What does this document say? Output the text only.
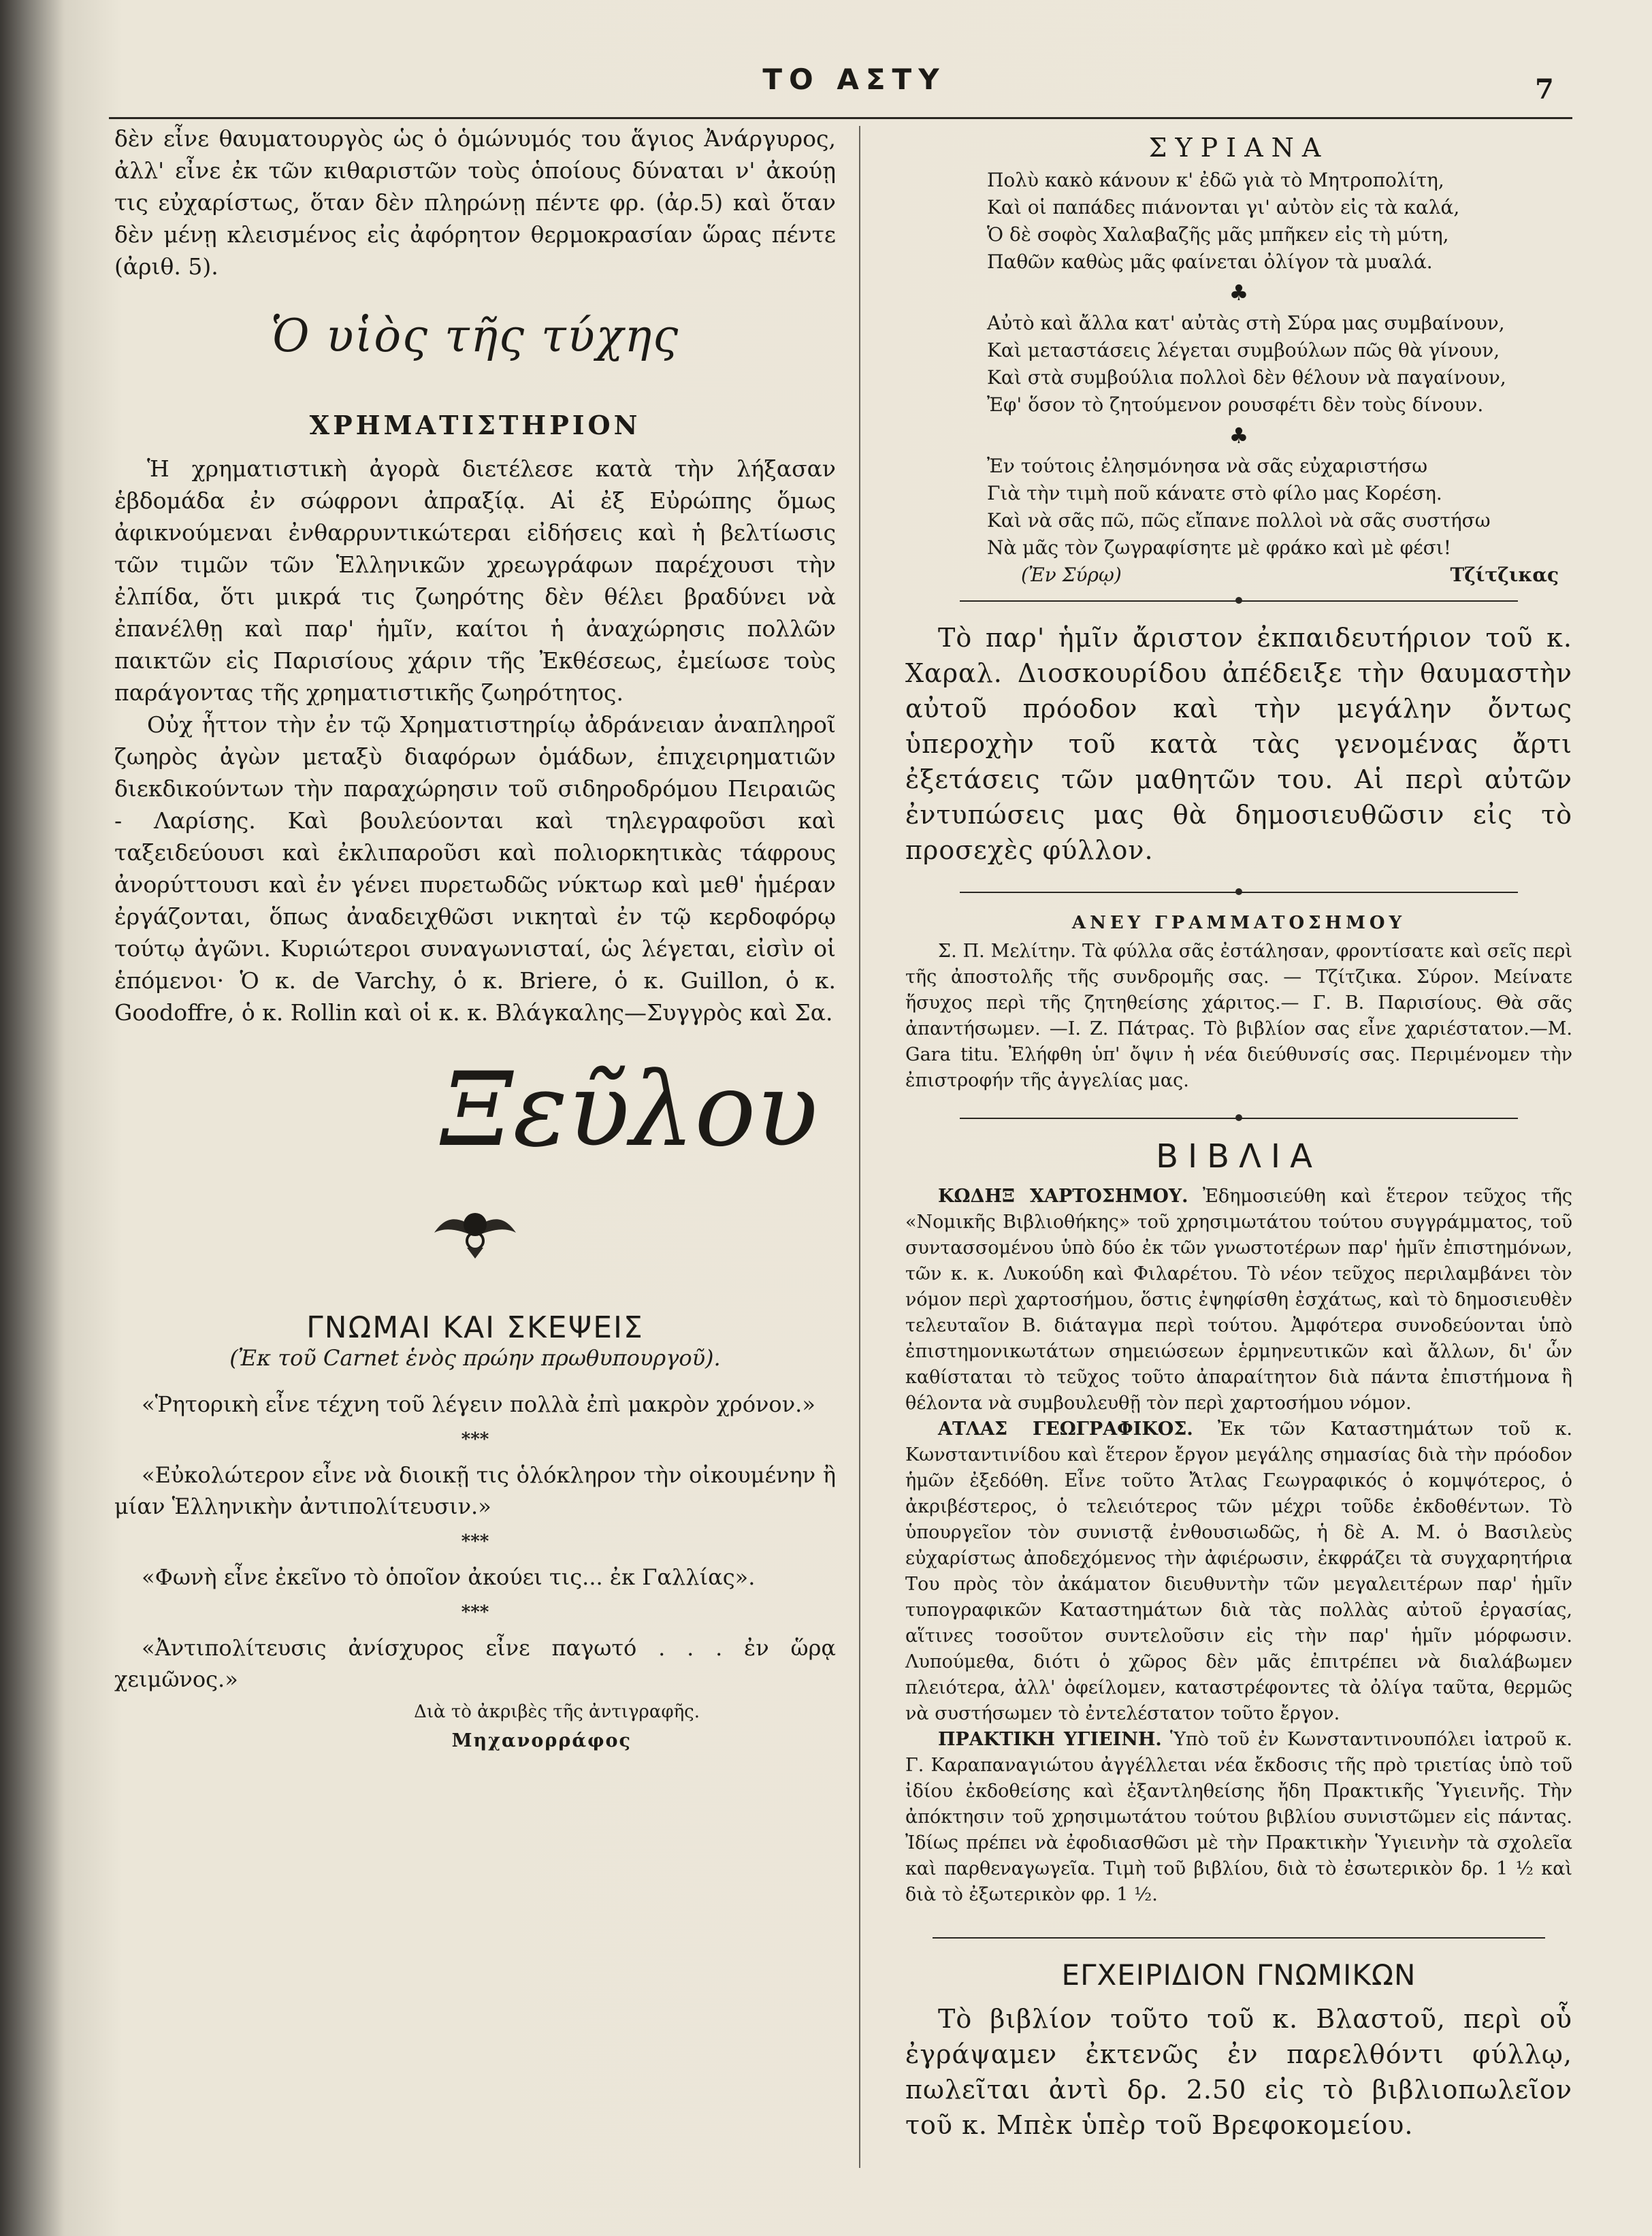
ΤΟ ΑΣΤΥ	7

δὲν εἶνε θαυματουργὸς ὡς ὁ ὁμώνυμός του ἅγιος Ἀνάργυρος, ἀλλ' εἶνε ἐκ τῶν κιθαριστῶν τοὺς ὁποίους δύναται ν' ἀκούῃ τις εὐχαρίστως, ὅταν δὲν πληρώνῃ πέντε φρ. (ἀρ.5) καὶ ὅταν δὲν μένῃ κλεισμένος εἰς ἀφόρητον θερμοκρασίαν ὥρας πέντε (ἀριθ. 5).

Ὁ υἱὸς τῆς τύχης

ΧΡΗΜΑΤΙΣΤΗΡΙΟΝ

Ἡ χρηματιστικὴ ἀγορὰ διετέλεσε κατὰ τὴν λήξασαν ἑβδομάδα ἐν σώφρονι ἀπραξίᾳ. Αἱ ἐξ Εὐρώπης ὅμως ἀφικνούμεναι ἐνθαρρυντικώτεραι εἰδήσεις καὶ ἡ βελτίωσις τῶν τιμῶν τῶν Ἑλληνικῶν χρεωγράφων παρέχουσι τὴν ἐλπίδα, ὅτι μικρά τις ζωηρότης δὲν θέλει βραδύνει νὰ ἐπανέλθῃ καὶ παρ' ἡμῖν, καίτοι ἡ ἀναχώρησις πολλῶν παικτῶν εἰς Παρισίους χάριν τῆς Ἐκθέσεως, ἐμείωσε τοὺς παράγοντας τῆς χρηματιστικῆς ζωηρότητος.

Οὐχ ἧττον τὴν ἐν τῷ Χρηματιστηρίῳ ἀδράνειαν ἀναπληροῖ ζωηρὸς ἀγὼν μεταξὺ διαφόρων ὁμάδων, ἐπιχειρηματιῶν διεκδικούντων τὴν παραχώρησιν τοῦ σιδηροδρόμου Πειραιῶς - Λαρίσης. Καὶ βουλεύονται καὶ τηλεγραφοῦσι καὶ ταξειδεύουσι καὶ ἐκλιπαροῦσι καὶ πολιορκητικὰς τάφρους ἀνορύττουσι καὶ ἐν γένει πυρετωδῶς νύκτωρ καὶ μεθ' ἡμέραν ἐργάζονται, ὅπως ἀναδειχθῶσι νικηταὶ ἐν τῷ κερδοφόρῳ τούτῳ ἀγῶνι. Κυριώτεροι συναγωνισταί, ὡς λέγεται, εἰσὶν οἱ ἑπόμενοι· Ὁ κ. de Varchy, ὁ κ. Briere, ὁ κ. Guillon, ὁ κ. Goodoffre, ὁ κ. Rollin καὶ οἱ κ. κ. Βλάγκαλης—Συγγρὸς καὶ Σα.

Ξεῦλου

ΓΝΩΜΑΙ ΚΑΙ ΣΚΕΨΕΙΣ

(Ἐκ τοῦ Carnet ἑνὸς πρώην πρωθυπουργοῦ).

«Ῥητορικὴ εἶνε τέχνη τοῦ λέγειν πολλὰ ἐπὶ μακρὸν χρόνον.»

***

«Εὐκολώτερον εἶνε νὰ διοικῇ τις ὁλόκληρον τὴν οἰκουμένην ἢ μίαν Ἑλληνικὴν ἀντιπολίτευσιν.»

***

«Φωνὴ εἶνε ἐκεῖνο τὸ ὁποῖον ἀκούει τις... ἐκ Γαλλίας».

***

«Ἀντιπολίτευσις ἀνίσχυρος εἶνε παγωτό . . . ἐν ὥρᾳ χειμῶνος.»

Διὰ τὸ ἀκριβὲς τῆς ἀντιγραφῆς.

Μηχανορράφος

ΣΥΡΙΑΝΑ

Πολὺ κακὸ κάνουν κ' ἐδῶ γιὰ τὸ Μητροπολίτη,

Καὶ οἱ παπάδες πιάνονται γι' αὐτὸν εἰς τὰ καλά,

Ὁ δὲ σοφὸς Χαλαβαζῆς μᾶς μπῆκεν εἰς τὴ μύτη,

Παθῶν καθὼς μᾶς φαίνεται ὀλίγον τὰ μυαλά.

♣

Αὐτὸ καὶ ἄλλα κατ' αὐτὰς στὴ Σύρα μας συμβαίνουν,

Καὶ μεταστάσεις λέγεται συμβούλων πῶς θὰ γίνουν,

Καὶ στὰ συμβούλια πολλοὶ δὲν θέλουν νὰ παγαίνουν,

Ἐφ' ὅσον τὸ ζητούμενον ρουσφέτι δὲν τοὺς δίνουν.

♣

Ἐν τούτοις ἐλησμόνησα νὰ σᾶς εὐχαριστήσω

Γιὰ τὴν τιμὴ ποῦ κάνατε στὸ φίλο μας Κορέση.

Καὶ νὰ σᾶς πῶ, πῶς εἴπανε πολλοὶ νὰ σᾶς συστήσω

Νὰ μᾶς τὸν ζωγραφίσητε μὲ φράκο καὶ μὲ φέσι!

(Ἐν Σύρῳ)	Τζίτζικας

Τὸ παρ' ἡμῖν ἄριστον ἐκπαιδευτήριον τοῦ κ. Χαραλ. Διοσκουρίδου ἀπέδειξε τὴν θαυμαστὴν αὐτοῦ πρόοδον καὶ τὴν μεγάλην ὄντως ὑπεροχὴν τοῦ κατὰ τὰς γενομένας ἄρτι ἐξετάσεις τῶν μαθητῶν του. Αἱ περὶ αὐτῶν ἐντυπώσεις μας θὰ δημοσιευθῶσιν εἰς τὸ προσεχὲς φύλλον.

ΑΝΕΥ ΓΡΑΜΜΑΤΟΣΗΜΟΥ

Σ. Π. Μελίτην. Τὰ φύλλα σᾶς ἐστάλησαν, φροντίσατε καὶ σεῖς περὶ τῆς ἀποστολῆς τῆς συνδρομῆς σας. — Τζίτζικα. Σύρον. Μείνατε ἥσυχος περὶ τῆς ζητηθείσης χάριτος.— Γ. Β. Παρισίους. Θὰ σᾶς ἀπαντήσωμεν. —Ι. Ζ. Πάτρας. Τὸ βιβλίον σας εἶνε χαριέστατον.—Μ. Gara titu. Ἐλήφθη ὑπ' ὄψιν ἡ νέα διεύθυνσίς σας. Περιμένομεν τὴν ἐπιστροφήν τῆς ἀγγελίας μας.

ΒΙΒΛΙΑ

ΚΩΔΗΞ ΧΑΡΤΟΣΗΜΟΥ. Ἐδημοσιεύθη καὶ ἕτερον τεῦχος τῆς «Νομικῆς Βιβλιοθήκης» τοῦ χρησιμωτάτου τούτου συγγράμματος, τοῦ συντασσομένου ὑπὸ δύο ἐκ τῶν γνωστοτέρων παρ' ἡμῖν ἐπιστημόνων, τῶν κ. κ. Λυκούδη καὶ Φιλαρέτου. Τὸ νέον τεῦχος περιλαμβάνει τὸν νόμον περὶ χαρτοσήμου, ὅστις ἐψηφίσθη ἐσχάτως, καὶ τὸ δημοσιευθὲν τελευταῖον Β. διάταγμα περὶ τούτου. Ἀμφότερα συνοδεύονται ὑπὸ ἐπιστημονικωτάτων σημειώσεων ἑρμηνευτικῶν καὶ ἄλλων, δι' ὧν καθίσταται τὸ τεῦχος τοῦτο ἀπαραίτητον διὰ πάντα ἐπιστήμονα ἢ θέλοντα νὰ συμβουλευθῇ τὸν περὶ χαρτοσήμου νόμον.

ΑΤΛΑΣ ΓΕΩΓΡΑΦΙΚΟΣ. Ἐκ τῶν Καταστημάτων τοῦ κ. Κωνσταντινίδου καὶ ἕτερον ἔργον μεγάλης σημασίας διὰ τὴν πρόοδον ἡμῶν ἐξεδόθη. Εἶνε τοῦτο Ἄτλας Γεωγραφικός ὁ κομψότερος, ὁ ἀκριβέστερος, ὁ τελειότερος τῶν μέχρι τοῦδε ἐκδοθέντων. Τὸ ὑπουργεῖον τὸν συνιστᾷ ἐνθουσιωδῶς, ἡ δὲ Α. Μ. ὁ Βασιλεὺς εὐχαρίστως ἀποδεχόμενος τὴν ἀφιέρωσιν, ἐκφράζει τὰ συγχαρητήρια Του πρὸς τὸν ἀκάματον διευθυντὴν τῶν μεγαλειτέρων παρ' ἡμῖν τυπογραφικῶν Καταστημάτων διὰ τὰς πολλὰς αὐτοῦ ἐργασίας, αἵτινες τοσοῦτον συντελοῦσιν εἰς τὴν παρ' ἡμῖν μόρφωσιν. Λυπούμεθα, διότι ὁ χῶρος δὲν μᾶς ἐπιτρέπει νὰ διαλάβωμεν πλειότερα, ἀλλ' ὀφείλομεν, καταστρέφοντες τὰ ὀλίγα ταῦτα, θερμῶς νὰ συστήσωμεν τὸ ἐντελέστατον τοῦτο ἔργον.

ΠΡΑΚΤΙΚΗ ΥΓΙΕΙΝΗ. Ὑπὸ τοῦ ἐν Κωνσταντινουπόλει ἰατροῦ κ. Γ. Καραπαναγιώτου ἀγγέλλεται νέα ἔκδοσις τῆς πρὸ τριετίας ὑπὸ τοῦ ἰδίου ἐκδοθείσης καὶ ἐξαντληθείσης ἤδη Πρακτικῆς Ὑγιεινῆς. Τὴν ἀπόκτησιν τοῦ χρησιμωτάτου τούτου βιβλίου συνιστῶμεν εἰς πάντας. Ἰδίως πρέπει νὰ ἐφοδιασθῶσι μὲ τὴν Πρακτικὴν Ὑγιεινὴν τὰ σχολεῖα καὶ παρθεναγωγεῖα. Τιμὴ τοῦ βιβλίου, διὰ τὸ ἐσωτερικὸν δρ. 1 ½ καὶ διὰ τὸ ἐξωτερικὸν φρ. 1 ½.

ΕΓΧΕΙΡΙΔΙΟΝ ΓΝΩΜΙΚΩΝ

Τὸ βιβλίον τοῦτο τοῦ κ. Βλαστοῦ, περὶ οὗ ἐγράψαμεν ἐκτενῶς ἐν παρελθόντι φύλλῳ, πωλεῖται ἀντὶ δρ. 2.50 εἰς τὸ βιβλιοπωλεῖον τοῦ κ. Μπὲκ ὑπὲρ τοῦ Βρεφοκομείου.
